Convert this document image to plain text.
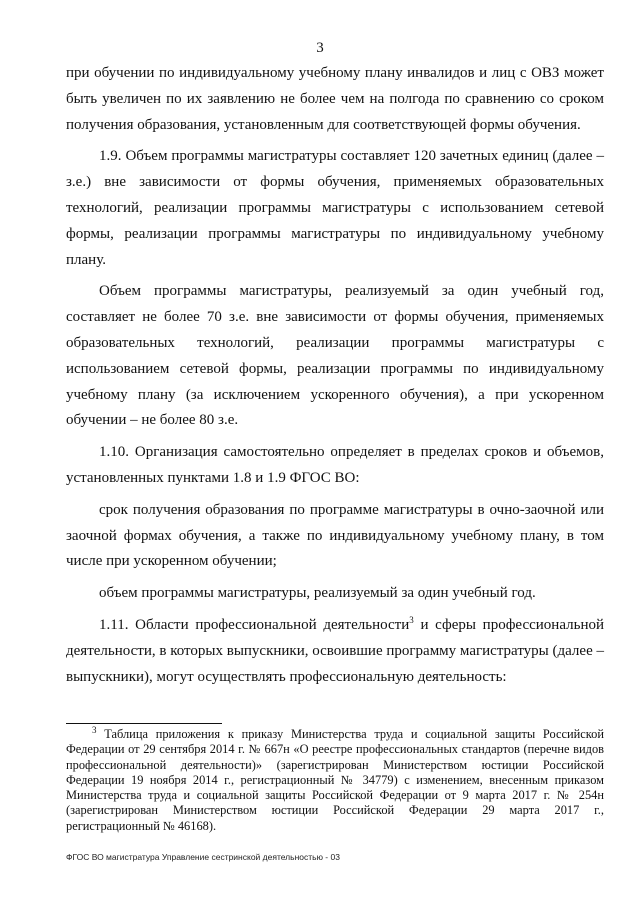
3

при обучении по индивидуальному учебному плану инвалидов и лиц с ОВЗ может быть увеличен по их заявлению не более чем на полгода по сравнению со сроком получения образования, установленным для соответствующей формы обучения.

1.9. Объем программы магистратуры составляет 120 зачетных единиц (далее – з.е.) вне зависимости от формы обучения, применяемых образовательных технологий, реализации программы магистратуры с использованием сетевой формы, реализации программы магистратуры по индивидуальному учебному плану.

Объем программы магистратуры, реализуемый за один учебный год, составляет не более 70 з.е. вне зависимости от формы обучения, применяемых образовательных технологий, реализации программы магистратуры с использованием сетевой формы, реализации программы по индивидуальному учебному плану (за исключением ускоренного обучения), а при ускоренном обучении – не более 80 з.е.

1.10. Организация самостоятельно определяет в пределах сроков и объемов, установленных пунктами 1.8 и 1.9 ФГОС ВО:

срок получения образования по программе магистратуры в очно-заочной или заочной формах обучения, а также по индивидуальному учебному плану, в том числе при ускоренном обучении;

объем программы магистратуры, реализуемый за один учебный год.

1.11. Области профессиональной деятельности$^3$ и сферы профессиональной деятельности, в которых выпускники, освоившие программу магистратуры (далее – выпускники), могут осуществлять профессиональную деятельность:

$^3$ Таблица приложения к приказу Министерства труда и социальной защиты Российской Федерации от 29 сентября 2014 г. № 667н «О реестре профессиональных стандартов (перечне видов профессиональной деятельности)» (зарегистрирован Министерством юстиции Российской Федерации 19 ноября 2014 г., регистрационный № 34779) с изменением, внесенным приказом Министерства труда и социальной защиты Российской Федерации от 9 марта 2017 г. № 254н (зарегистрирован Министерством юстиции Российской Федерации 29 марта 2017 г., регистрационный № 46168).
ФГОС ВО магистратура Управление сестринской деятельностью - 03
